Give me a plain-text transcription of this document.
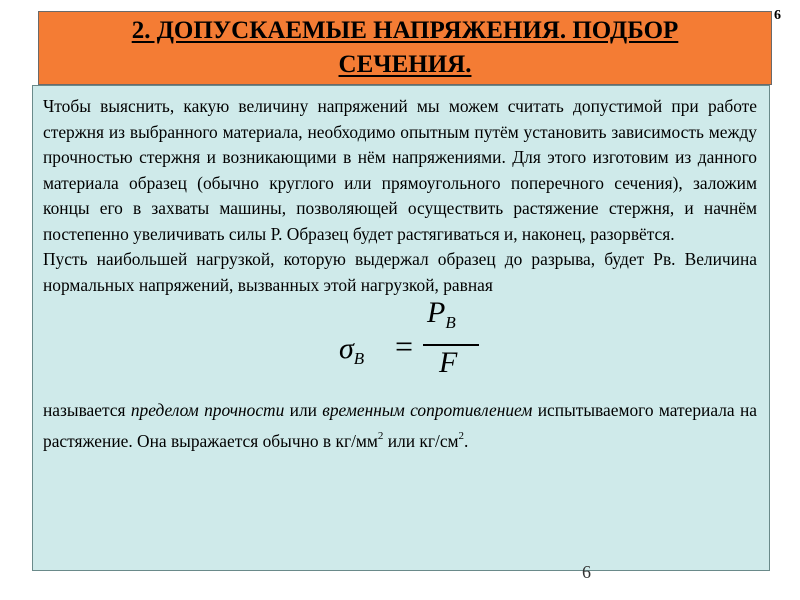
2. ДОПУСКАЕМЫЕ НАПРЯЖЕНИЯ. ПОДБОР СЕЧЕНИЯ.
6

Чтобы выяснить, какую величину напряжений мы можем считать допустимой при работе стержня из выбранного материала, необходимо опытным путём установить зависимость между прочностью стержня и возникающими в нём напряжениями. Для этого изготовим из данного материала образец (обычно круглого или прямоугольного поперечного сечения), заложим концы его в захваты машины, позволяющей осуществить растяжение стержня, и начнём постепенно увеличивать силы Р. Образец будет растягиваться и, наконец, разорвётся.

Пусть наибольшей нагрузкой, которую выдержал образец до разрыва, будет Рв. Величина нормальных напряжений, вызванных этой нагрузкой, равная

$\sigma_B$ =
$P_B$
F

называется пределом прочности или временным сопротивлением испытываемого материала на растяжение. Она выражается обычно в $кг/мм^2$ или $кг/см^2$.

6
